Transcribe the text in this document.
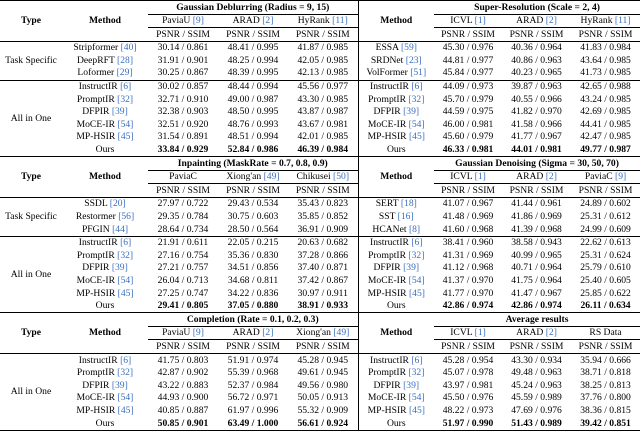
Type	Method	Gaussian Deblurring (Radius = 9, 15)			Method	Super-Resolution (Scale = 2, 4)		
		PaviaU [9]	ARAD [2]	HyRank [11]		ICVL [1]	ARAD [2]	HyRank [11]
		PSNR / SSIM	PSNR / SSIM	PSNR / SSIM		PSNR / SSIM	PSNR / SSIM	PSNR / SSIM
Task Specific	Stripformer [40]	30.14 / 0.861	48.41 / 0.995	41.87 / 0.985	ESSA [59]	45.30 / 0.976	40.36 / 0.964	41.83 / 0.984
	DeepRFT [28]	31.91 / 0.901	48.25 / 0.994	42.05 / 0.985	SRDNet [23]	44.81 / 0.977	40.86 / 0.963	43.64 / 0.985
	Loformer [29]	30.25 / 0.867	48.39 / 0.995	42.13 / 0.985	VolFormer [51]	45.84 / 0.977	40.23 / 0.965	41.73 / 0.985
All in One	InstructIR [6]	30.02 / 0.857	48.44 / 0.994	45.56 / 0.977	InstructIR [6]	44.09 / 0.973	39.87 / 0.963	42.65 / 0.988
	PromptIR [32]	32.71 / 0.910	49.00 / 0.987	43.30 / 0.985	PromptIR [32]	45.70 / 0.979	40.55 / 0.966	43.24 / 0.985
	DFPIR [39]	32.38 / 0.903	48.50 / 0.995	43.87 / 0.987	DFPIR [39]	44.59 / 0.975	41.82 / 0.970	42.69 / 0.985
	MoCE-IR [54]	32.51 / 0.920	48.76 / 0.993	43.67 / 0.981	MoCE-IR [54]	46.00 / 0.981	41.58 / 0.966	44.41 / 0.985
	MP-HSIR [45]	31.54 / 0.891	48.51 / 0.994	42.01 / 0.985	MP-HSIR [45]	45.60 / 0.979	41.77 / 0.967	42.47 / 0.985
	Ours	33.84 / 0.929	52.84 / 0.986	46.39 / 0.984	Ours	46.33 / 0.981	44.01 / 0.981	49.77 / 0.987
Type	Method	Inpainting (MaskRate = 0.7, 0.8, 0.9)			Method	Gaussian Denoising (Sigma = 30, 50, 70)		
		PaviaC	Xiong'an [49]	Chikusei [50]		ICVL [1]	ARAD [2]	PaviaC [9]
		PSNR / SSIM	PSNR / SSIM	PSNR / SSIM		PSNR / SSIM	PSNR / SSIM	PSNR / SSIM
Task Specific	SSDL [20]	27.97 / 0.722	29.43 / 0.534	35.43 / 0.823	SERT [18]	41.07 / 0.967	41.44 / 0.961	24.89 / 0.602
	Restormer [56]	29.35 / 0.784	30.75 / 0.603	35.85 / 0.852	SST [16]	41.48 / 0.969	41.86 / 0.969	25.31 / 0.612
	PFGIN [44]	28.64 / 0.734	28.50 / 0.564	36.91 / 0.909	HCANet [8]	41.60 / 0.968	41.39 / 0.968	24.99 / 0.609
All in One	InstructIR [6]	21.91 / 0.611	22.05 / 0.215	20.63 / 0.682	InstructIR [6]	38.41 / 0.960	38.58 / 0.943	22.62 / 0.613
	PromptIR [32]	27.16 / 0.754	35.36 / 0.830	37.28 / 0.866	PromptIR [32]	41.31 / 0.969	40.99 / 0.965	25.31 / 0.624
	DFPIR [39]	27.21 / 0.757	34.51 / 0.856	37.40 / 0.871	DFPIR [39]	41.12 / 0.968	40.71 / 0.964	25.79 / 0.610
	MoCE-IR [54]	26.04 / 0.713	34.68 / 0.811	37.42 / 0.867	MoCE-IR [54]	41.37 / 0.970	41.75 / 0.964	25.40 / 0.605
	MP-HSIR [45]	27.25 / 0.747	34.22 / 0.836	30.97 / 0.911	MP-HSIR [45]	41.77 / 0.970	41.47 / 0.967	25.85 / 0.622
	Ours	29.41 / 0.805	37.05 / 0.880	38.91 / 0.933	Ours	42.86 / 0.974	42.86 / 0.974	26.11 / 0.634
Type	Method	Completion (Rate = 0.1, 0.2, 0.3)			Method	Average results		
		PaviaU [9]	ARAD [2]	Xiong'an [49]		ICVL [1]	ARAD [2]	RS Data
		PSNR / SSIM	PSNR / SSIM	PSNR / SSIM		PSNR / SSIM	PSNR / SSIM	PSNR / SSIM
All in One	InstructIR [6]	41.75 / 0.803	51.91 / 0.974	45.28 / 0.945	InstructIR [6]	45.28 / 0.954	43.30 / 0.934	35.94 / 0.666
	PromptIR [32]	42.87 / 0.902	55.39 / 0.968	49.61 / 0.945	PromptIR [32]	45.07 / 0.978	49.48 / 0.963	38.71 / 0.818
	DFPIR [39]	43.22 / 0.883	52.37 / 0.984	49.56 / 0.980	DFPIR [39]	43.97 / 0.981	45.24 / 0.963	38.25 / 0.813
	MoCE-IR [54]	44.93 / 0.900	56.72 / 0.971	50.05 / 0.913	MoCE-IR [54]	45.50 / 0.976	45.59 / 0.989	37.76 / 0.800
	MP-HSIR [45]	40.85 / 0.887	61.97 / 0.996	55.32 / 0.909	MP-HSIR [45]	48.22 / 0.973	47.69 / 0.976	38.36 / 0.815
	Ours	50.85 / 0.901	63.49 / 1.000	56.61 / 0.924	Ours	51.97 / 0.990	51.43 / 0.989	39.42 / 0.851
